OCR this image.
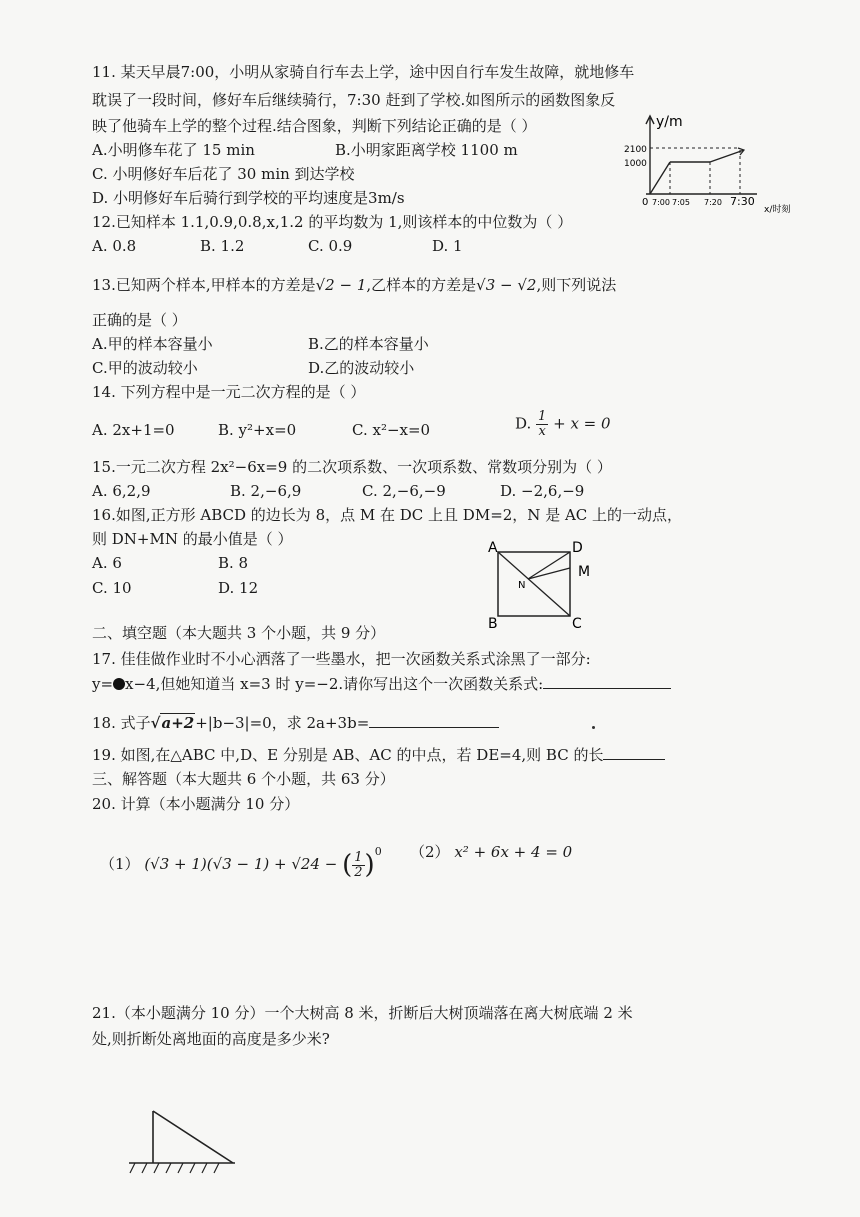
11. 某天早晨7:00，小明从家骑自行车去上学，途中因自行车发生故障，就地修车
耽误了一段时间，修好车后继续骑行，7:30 赶到了学校.如图所示的函数图象反
映了他骑车上学的整个过程.结合图象，判断下列结论正确的是（ ）
A.小明修车花了 15 min	B.小明家距离学校 1100 m
C. 小明修好车后花了 30 min 到达学校
D. 小明修好车后骑行到学校的平均速度是3m/s
y/m
2100
1000
0 7:00 7:05 7:20 7:30
x/时刻
12.已知样本 1.1,0.9,0.8,x,1.2 的平均数为 1,则该样本的中位数为（ ）
A. 0.8	B. 1.2	C. 0.9	D. 1
13.已知两个样本,甲样本的方差是√2 − 1,乙样本的方差是√3 − √2,则下列说法
正确的是（ ）
A.甲的样本容量小	B.乙的样本容量小
C.甲的波动较小	D.乙的波动较小
14. 下列方程中是一元二次方程的是（ ）
A. 2x+1=0	B. y²+x=0	C. x²−x=0	D. $\frac{1}{x} + x = 0$
15.一元二次方程 2x²−6x=9 的二次项系数、一次项系数、常数项分别为（ ）
A. 6,2,9	B. 2,−6,9	C. 2,−6,−9	D. −2,6,−9
16.如图,正方形 ABCD 的边长为 8，点 M 在 DC 上且 DM=2，N 是 AC 上的一动点，
则 DN+MN 的最小值是（ ）
A. 6	B. 8
C. 10	D. 12
A	D
M
N
B	C
二、填空题（本大题共 3 个小题，共 9 分）
17. 佳佳做作业时不小心洒落了一些墨水，把一次函数关系式涂黑了一部分:
y= x−4,但她知道当 x=3 时 y=−2.请你写出这个一次函数关系式:
18. 式子√a+2+|b−3|=0，求 2a+3b=
19. 如图,在△ABC 中,D、E 分别是 AB、AC 的中点，若 DE=4,则 BC 的长
三、解答题（本大题共 6 个小题，共 63 分）
20. 计算（本小题满分 10 分）
（1） (√3 + 1)(√3 − 1) + √24 − ( $\frac{1}{2} )^0$ （2） x² + 6x + 4 = 0
21.（本小题满分 10 分）一个大树高 8 米，折断后大树顶端落在离大树底端 2 米
处,则折断处离地面的高度是多少米?
